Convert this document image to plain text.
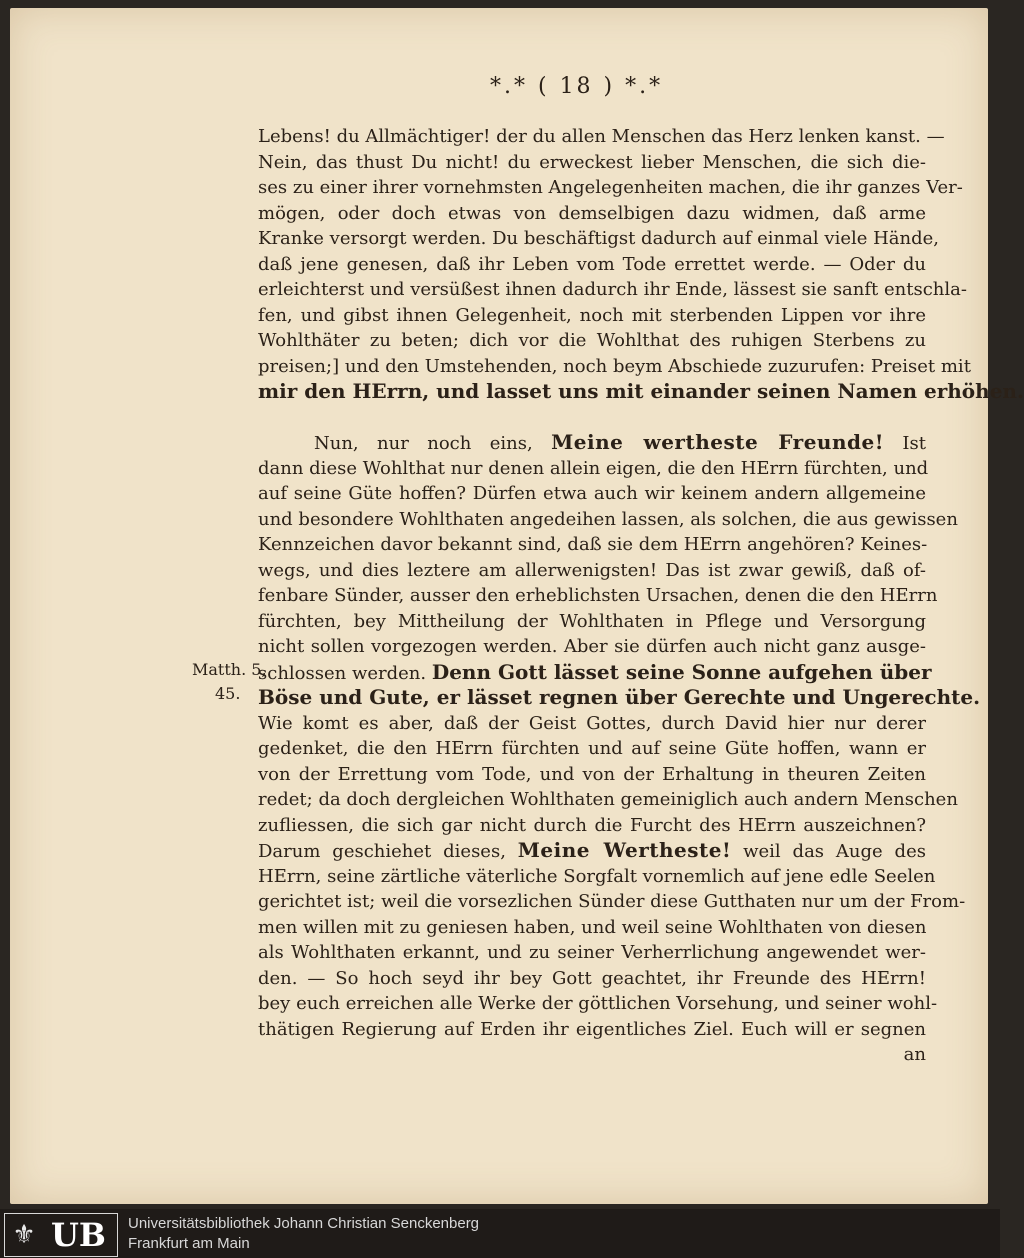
*.* ( 18 ) *.*
Lebens! du Allmächtiger! der du allen Menschen das Herz lenken kanst. —
Nein, das thust Du nicht! du erweckest lieber Menschen, die sich die-
ses zu einer ihrer vornehmsten Angelegenheiten machen, die ihr ganzes Ver-
mögen, oder doch etwas von demselbigen dazu widmen, daß arme
Kranke versorgt werden. Du beschäftigst dadurch auf einmal viele Hände,
daß jene genesen, daß ihr Leben vom Tode errettet werde. — Oder du
erleichterst und versüßest ihnen dadurch ihr Ende, lässest sie sanft entschla-
fen, und gibst ihnen Gelegenheit, noch mit sterbenden Lippen vor ihre
Wohlthäter zu beten; dich vor die Wohlthat des ruhigen Sterbens zu
preisen;] und den Umstehenden, noch beym Abschiede zuzurufen: Preiset mit
mir den HErrn, und lasset uns mit einander seinen Namen erhöhen.
Nun, nur noch eins, Meine wertheste Freunde! Ist
dann diese Wohlthat nur denen allein eigen, die den HErrn fürchten, und
auf seine Güte hoffen? Dürfen etwa auch wir keinem andern allgemeine
und besondere Wohlthaten angedeihen lassen, als solchen, die aus gewissen
Kennzeichen davor bekannt sind, daß sie dem HErrn angehören? Keines-
wegs, und dies leztere am allerwenigsten! Das ist zwar gewiß, daß of-
fenbare Sünder, ausser den erheblichsten Ursachen, denen die den HErrn
fürchten, bey Mittheilung der Wohlthaten in Pflege und Versorgung
nicht sollen vorgezogen werden. Aber sie dürfen auch nicht ganz ausge-
schlossen werden. Denn Gott lässet seine Sonne aufgehen über
Böse und Gute, er lässet regnen über Gerechte und Ungerechte.
Wie komt es aber, daß der Geist Gottes, durch David hier nur derer
gedenket, die den HErrn fürchten und auf seine Güte hoffen, wann er
von der Errettung vom Tode, und von der Erhaltung in theuren Zeiten
redet; da doch dergleichen Wohlthaten gemeiniglich auch andern Menschen
zufliessen, die sich gar nicht durch die Furcht des HErrn auszeichnen?
Darum geschiehet dieses, Meine Wertheste! weil das Auge des
HErrn, seine zärtliche väterliche Sorgfalt vornemlich auf jene edle Seelen
gerichtet ist; weil die vorsezlichen Sünder diese Gutthaten nur um der From-
men willen mit zu geniesen haben, und weil seine Wohlthaten von diesen
als Wohlthaten erkannt, und zu seiner Verherrlichung angewendet wer-
den. — So hoch seyd ihr bey Gott geachtet, ihr Freunde des HErrn!
bey euch erreichen alle Werke der göttlichen Vorsehung, und seiner wohl-
thätigen Regierung auf Erden ihr eigentliches Ziel. Euch will er segnen
an
Matth. 5,
45.
⚜ UB Universitätsbibliothek Johann Christian Senckenberg
Frankfurt am Main
